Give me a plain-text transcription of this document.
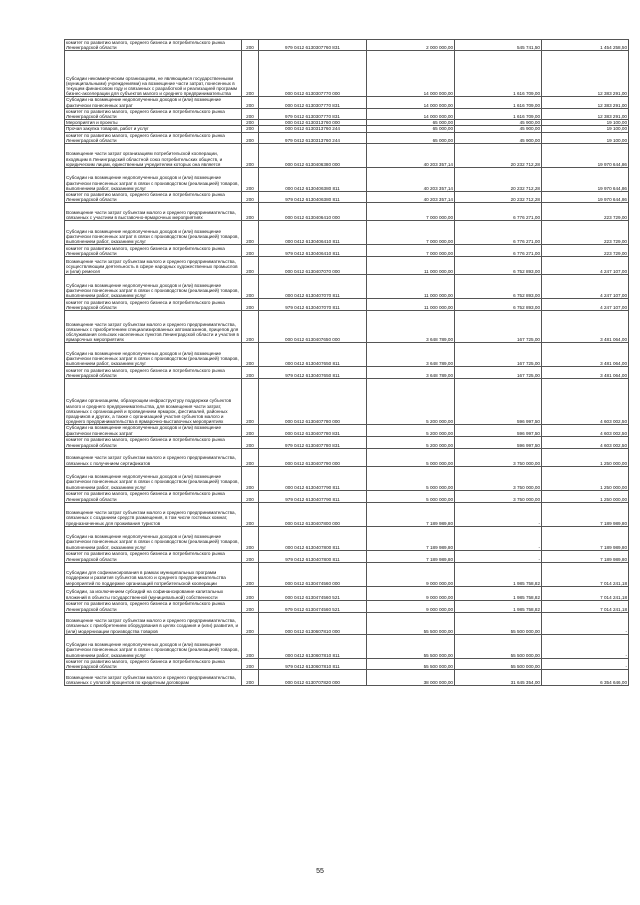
комитет по развитию малого, среднего бизнеса и потребительского рынка Ленинградской области	200	979 0412 6130307760 831	2 000 000,00	545 741,50	1 454 258,50
Субсидии некоммерческим организациям, не являющимся государственными (муниципальными) учреждениями) на возмещение части затрат, понесенных в текущем финансовом году и связанных с разработкой и реализацией программ бизнес-акселерации для субъектов малого и среднего предпринимательства	200	000 0412 6130307770 000	14 000 000,00	1 616 709,00	12 383 291,00
Субсидии на возмещение недополученных доходов и (или) возмещение фактически понесенных затрат	200	000 0412 6130307770 831	14 000 000,00	1 616 709,00	12 383 291,00
комитет по развитию малого, среднего бизнеса и потребительского рынка Ленинградской области	200	979 0412 6130307770 831	14 000 000,00	1 616 709,00	12 383 291,00
Мероприятия и проекты	200	000 0412 6130313760 000	65 000,00	45 900,00	19 100,00
Прочая закупка товаров, работ и услуг	200	000 0412 6130313760 244	65 000,00	45 900,00	19 100,00
комитет по развитию малого, среднего бизнеса и потребительского рынка Ленинградской области	200	979 0412 6130313760 244	65 000,00	45 900,00	19 100,00
Возмещение части затрат организациям потребительской кооперации, входящим в Ленинградский областной союз потребительских обществ, и юридическим лицам, единственным учредителем которых она является	200	000 0412 6130406380 000	40 203 357,14	20 232 712,28	19 970 644,86
Субсидии на возмещение недополученных доходов и (или) возмещение фактически понесенных затрат в связи с производством (реализацией) товаров, выполнением работ, оказанием услуг	200	000 0412 6130406380 811	40 203 357,14	20 232 712,28	19 970 644,86
комитет по развитию малого, среднего бизнеса и потребительского рынка Ленинградской области	200	979 0412 6130406380 811	40 203 357,14	20 232 712,28	19 970 644,86
Возмещение части затрат субъектам малого и среднего предпринимательства, связанных с участием в выставочно-ярмарочных мероприятиях	200	000 0412 6130406410 000	7 000 000,00	6 776 271,00	223 729,00
Субсидии на возмещение недополученных доходов и (или) возмещение фактически понесенных затрат в связи с производством (реализацией) товаров, выполнением работ, оказанием услуг	200	000 0412 6130406410 811	7 000 000,00	6 776 271,00	223 729,00
комитет по развитию малого, среднего бизнеса и потребительского рынка Ленинградской области	200	979 0412 6130406410 811	7 000 000,00	6 776 271,00	223 729,00
Возмещение части затрат субъектам малого и среднего предпринимательства, осуществляющим деятельность в сфере народных художественных промыслов и (или) ремесел	200	000 0412 6130407070 000	11 000 000,00	6 752 893,00	4 247 107,00
Субсидии на возмещение недополученных доходов и (или) возмещение фактически понесенных затрат в связи с производством (реализацией) товаров, выполнением работ, оказанием услуг	200	000 0412 6130407070 811	11 000 000,00	6 752 893,00	4 247 107,00
комитет по развитию малого, среднего бизнеса и потребительского рынка Ленинградской области	200	979 0412 6130407070 811	11 000 000,00	6 752 893,00	4 247 107,00
Возмещение части затрат субъектам малого и среднего предпринимательства, связанных с приобретением специализированных автомагазинов, прицепов для обслуживания сельских населенных пунктов Ленинградской области и участия в ярмарочных мероприятиях	200	000 0412 6130407650 000	3 648 789,00	167 725,00	3 481 064,00
Субсидии на возмещение недополученных доходов и (или) возмещение фактически понесенных затрат в связи с производством (реализацией) товаров, выполнением работ, оказанием услуг	200	000 0412 6130407650 811	3 648 789,00	167 725,00	3 481 064,00
комитет по развитию малого, среднего бизнеса и потребительского рынка Ленинградской области	200	979 0412 6130407650 811	3 648 789,00	167 725,00	3 481 064,00
Субсидии организациям, образующим инфраструктуру поддержки субъектов малого и среднего предпринимательства, для возмещения части затрат, связанных с организацией и проведением ярмарок, фестивалей, районных праздников и других, а также с организацией участия субъектов малого и среднего предпринимательства в ярмарочно-выставочных мероприятиях	200	000 0412 6130407780 000	5 200 000,00	596 997,50	4 603 002,50
Субсидии на возмещение недополученных доходов и (или) возмещение фактически понесенных затрат	200	000 0412 6130407780 831	5 200 000,00	596 997,50	4 603 002,50
комитет по развитию малого, среднего бизнеса и потребительского рынка Ленинградской области	200	979 0412 6130407780 831	5 200 000,00	596 997,50	4 603 002,50
Возмещение части затрат субъектам малого и среднего предпринимательства, связанных с получением сертификатов	200	000 0412 6130407790 000	5 000 000,00	3 750 000,00	1 250 000,00
Субсидии на возмещение недополученных доходов и (или) возмещение фактически понесенных затрат в связи с производством (реализацией) товаров, выполнением работ, оказанием услуг	200	000 0412 6130407790 811	5 000 000,00	3 750 000,00	1 250 000,00
комитет по развитию малого, среднего бизнеса и потребительского рынка Ленинградской области	200	979 0412 6130407790 811	5 000 000,00	3 750 000,00	1 250 000,00
Возмещение части затрат субъектам малого и среднего предпринимательства, связанных с созданием средств размещения, в том числе гостевых комнат, предназначенных для проживания туристов	200	000 0412 6130407800 000	7 189 989,80	-	7 189 989,80
Субсидии на возмещение недополученных доходов и (или) возмещение фактически понесенных затрат в связи с производством (реализацией) товаров, выполнением работ, оказанием услуг	200	000 0412 6130407800 811	7 189 989,80	-	7 189 989,80
комитет по развитию малого, среднего бизнеса и потребительского рынка Ленинградской области	200	979 0412 6130407800 811	7 189 989,80	-	7 189 989,80
Субсидии для софинансирования в рамках муниципальных программ поддержки и развития субъектов малого и среднего предпринимательства мероприятий по поддержке организаций потребительской кооперации	200	000 0412 6130474560 000	9 000 000,00	1 985 758,82	7 014 241,18
Субсидии, за исключением субсидий на софинансирование капитальных вложений в объекты государственной (муниципальной) собственности	200	000 0412 6130474560 521	9 000 000,00	1 985 758,82	7 014 241,18
комитет по развитию малого, среднего бизнеса и потребительского рынка Ленинградской области	200	979 0412 6130474560 521	9 000 000,00	1 985 758,82	7 014 241,18
Возмещение части затрат субъектам малого и среднего предпринимательства, связанных с приобретением оборудования в целях создания и (или) развития, и (или) модернизации производства товаров	200	000 0412 6130607810 000	55 500 000,00	55 500 000,00	-
Субсидии на возмещение недополученных доходов и (или) возмещение фактически понесенных затрат в связи с производством (реализацией) товаров, выполнением работ, оказанием услуг	200	000 0412 6130607810 811	55 500 000,00	55 500 000,00	-
комитет по развитию малого, среднего бизнеса и потребительского рынка Ленинградской области	200	979 0412 6130607810 811	55 500 000,00	55 500 000,00	-
Возмещение части затрат субъектам малого и среднего предпринимательства, связанных с уплатой процентов по кредитным договорам	200	000 0412 6130707820 000	38 000 000,00	31 645 354,00	6 354 646,00
55
